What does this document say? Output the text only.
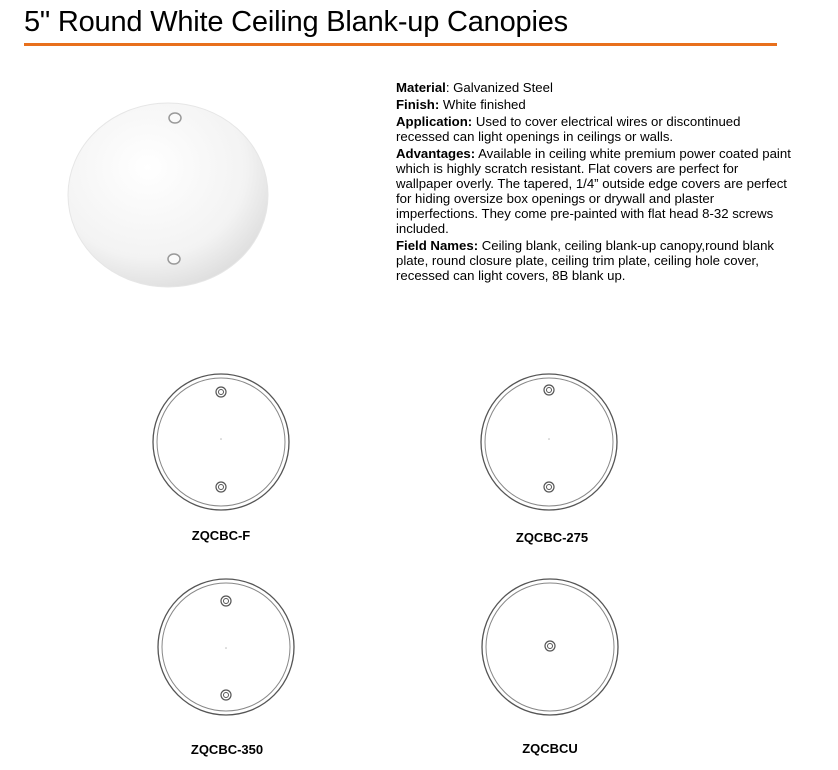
5" Round White Ceiling Blank-up Canopies

Material: Galvanized Steel

Finish: White finished

Application: Used to cover electrical wires or discontinued recessed can light openings in ceilings or walls.

Advantages: Available in ceiling white premium power coated paint which is highly scratch resistant. Flat covers are perfect for wallpaper overly. The tapered, 1/4” outside edge covers are perfect for hiding oversize box openings or drywall and plaster imperfections. They come pre-painted with flat head 8-32 screws included.

Field Names: Ceiling blank, ceiling blank-up canopy,round blank plate, round closure plate, ceiling trim plate, ceiling hole cover, recessed can light covers, 8B blank up.

ZQCBC-F	ZQCBC-275
ZQCBC-350	ZQCBCU
